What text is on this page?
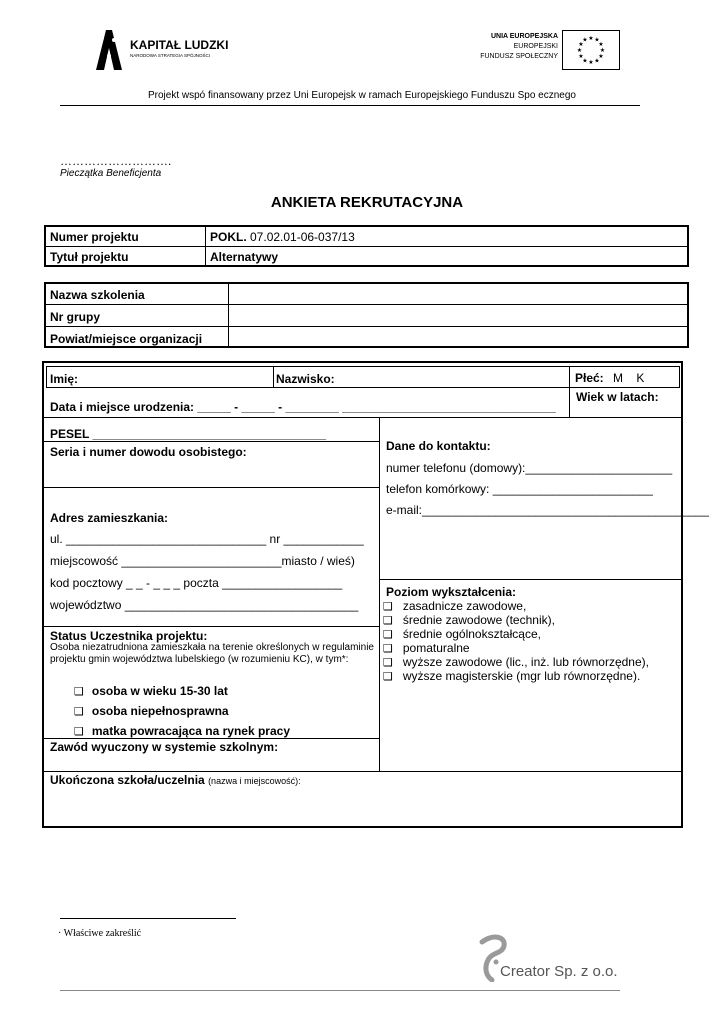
KAPITAŁ LUDZKI
NARODOWA STRATEGIA SPÓJNOŚCI
UNIA EUROPEJSKA
EUROPEJSKI
FUNDUSZ SPOŁECZNY
★ ★
★
★
★
★
★
★
★
★
★
★
Projekt wspó finansowany przez Uni Europejsk w ramach Europejskiego Funduszu Spo ecznego
……………………….
Pieczątka Beneficjenta
ANKIETA REKRUTACYJNA
Numer projektu	POKL. 07.02.01-06-037/13
Tytuł projektu	Alternatywy
Nazwa szkolenia
Nr grupy
Powiat/miejsce organizacji
Imię:	Nazwisko:	Płeć: M    K
Data i miejsce urodzenia: _____ - _____ - ________ ________________________________
Wiek w latach:
PESEL ___________________________________
Seria i numer dowodu osobistego:
Adres zamieszkania:
ul. ______________________________ nr ____________
miejscowość ________________________miasto / wieś)
kod pocztowy _ _ - _ _ _ poczta __________________
województwo ___________________________________
Dane do kontaktu:
numer telefonu (domowy):______________________
telefon komórkowy: ________________________
e-mail:___________________________________________
Poziom wykształcenia:
❑ zasadnicze zawodowe,
❑ średnie zawodowe (technik),
❑ średnie ogólnokształcące,
❑ pomaturalne
❑ wyższe zawodowe (lic., inż. lub równorzędne),
❑ wyższe magisterskie (mgr lub równorzędne).
Status Uczestnika projektu:
Osoba niezatrudniona zamieszkała na terenie określonych w regulaminie projektu gmin województwa lubelskiego (w rozumieniu KC), w tym*:
❑ osoba w wieku 15-30 lat
❑ osoba niepełnosprawna
❑ matka powracająca na rynek pracy
Zawód wyuczony w systemie szkolnym:
Ukończona szkoła/uczelnia (nazwa i miejscowość):
· Właściwe zakreślić
Creator Sp. z o.o.
